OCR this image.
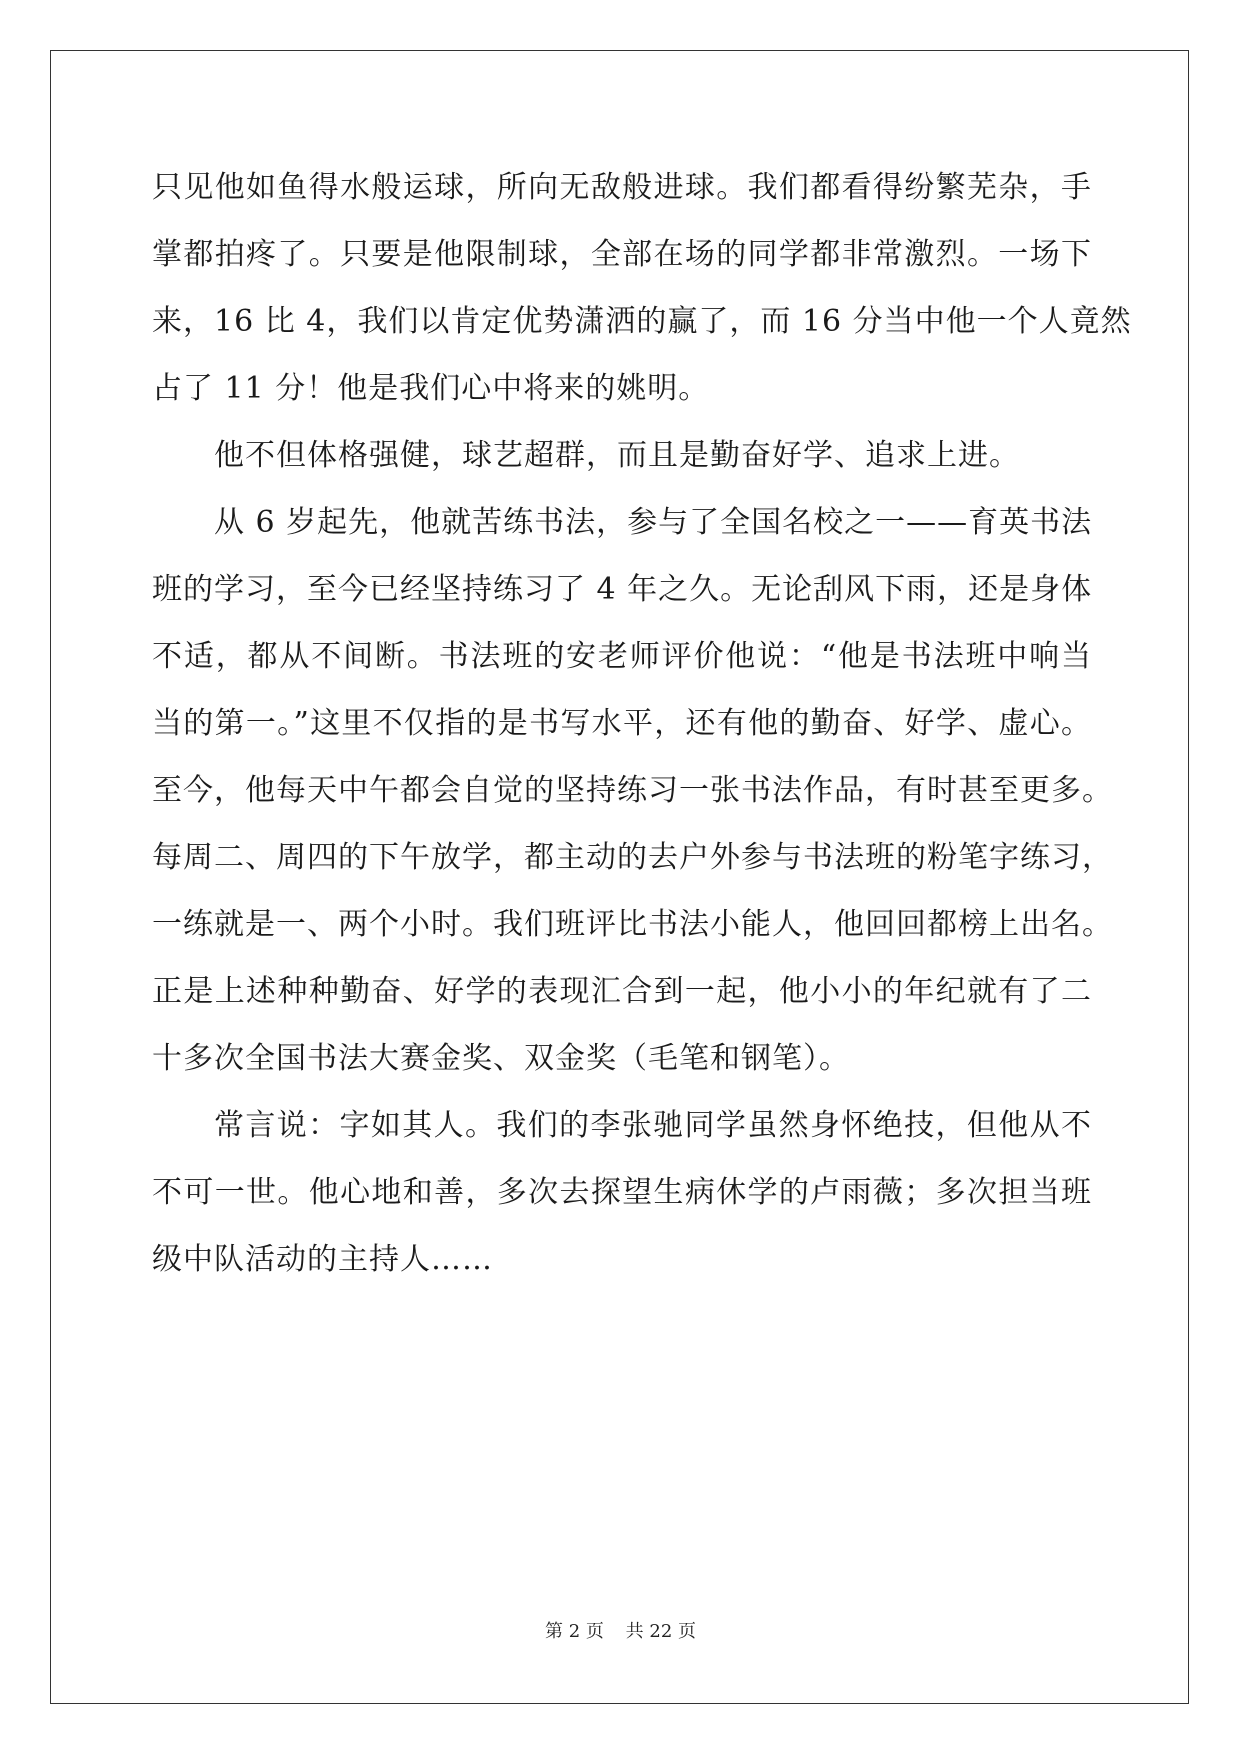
只见他如鱼得水般运球，所向无敌般进球。我们都看得纷繁芜杂，手
掌都拍疼了。只要是他限制球，全部在场的同学都非常激烈。一场下
来，16 比 4，我们以肯定优势潇洒的赢了，而 16 分当中他一个人竟然
占了 11 分！他是我们心中将来的姚明。
他不但体格强健，球艺超群，而且是勤奋好学、追求上进。
从 6 岁起先，他就苦练书法，参与了全国名校之一——育英书法
班的学习，至今已经坚持练习了 4 年之久。无论刮风下雨，还是身体
不适，都从不间断。书法班的安老师评价他说：“他是书法班中响当
当的第一。”这里不仅指的是书写水平，还有他的勤奋、好学、虚心。
至今，他每天中午都会自觉的坚持练习一张书法作品，有时甚至更多。
每周二、周四的下午放学，都主动的去户外参与书法班的粉笔字练习，
一练就是一、两个小时。我们班评比书法小能人，他回回都榜上出名。
正是上述种种勤奋、好学的表现汇合到一起，他小小的年纪就有了二
十多次全国书法大赛金奖、双金奖（毛笔和钢笔）。
常言说：字如其人。我们的李张驰同学虽然身怀绝技，但他从不
不可一世。他心地和善，多次去探望生病休学的卢雨薇；多次担当班
级中队活动的主持人……
第 2 页 共 22 页
